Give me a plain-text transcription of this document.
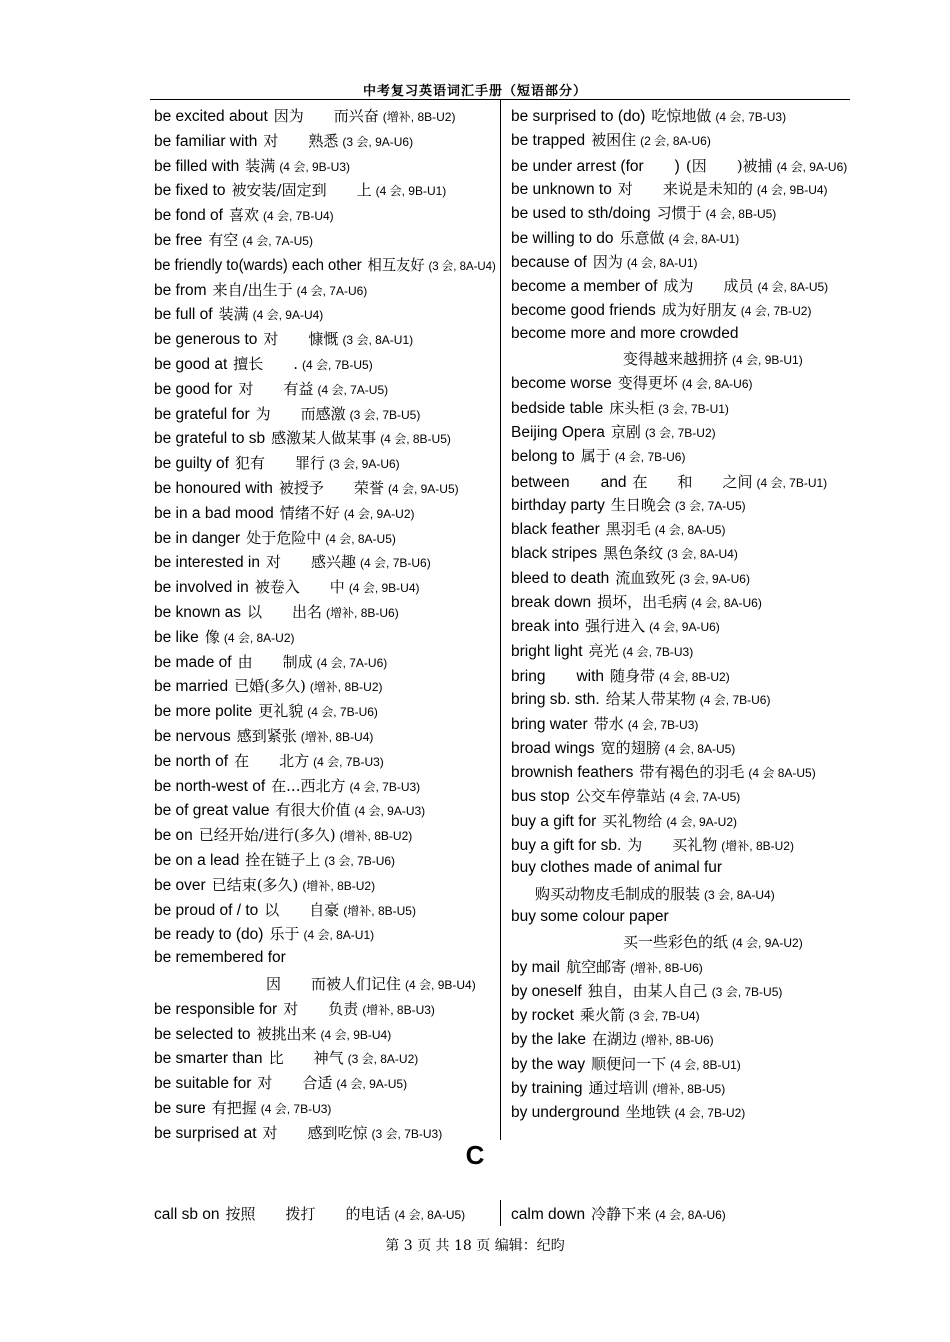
中考复习英语词汇手册（短语部分）
be excited about 因为　　而兴奋 (增补, 8B-U2)
be familiar with 对　　熟悉 (3 会, 9A-U6)
be filled with 装满 (4 会, 9B-U3)
be fixed to 被安装/固定到　　上 (4 会, 9B-U1)
be fond of 喜欢 (4 会, 7B-U4)
be free 有空 (4 会, 7A-U5)
be friendly to(wards) each other 相互友好 (3 会, 8A-U4)
be from 来自/出生于 (4 会, 7A-U6)
be full of 装满 (4 会, 9A-U4)
be generous to 对　　慷慨 (3 会, 8A-U1)
be good at 擅长　　. (4 会, 7B-U5)
be good for 对　　有益 (4 会, 7A-U5)
be grateful for 为　　而感激 (3 会, 7B-U5)
be grateful to sb 感激某人做某事 (4 会, 8B-U5)
be guilty of 犯有　　罪行 (3 会, 9A-U6)
be honoured with 被授予　　荣誉 (4 会, 9A-U5)
be in a bad mood 情绪不好 (4 会, 9A-U2)
be in danger 处于危险中 (4 会, 8A-U5)
be interested in 对　　感兴趣 (4 会, 7B-U6)
be involved in 被卷入　　中 (4 会, 9B-U4)
be known as 以　　出名 (增补, 8B-U6)
be like 像 (4 会, 8A-U2)
be made of 由　　制成 (4 会, 7A-U6)
be married 已婚(多久) (增补, 8B-U2)
be more polite 更礼貌 (4 会, 7B-U6)
be nervous 感到紧张 (增补, 8B-U4)
be north of 在　　北方 (4 会, 7B-U3)
be north-west of 在...西北方 (4 会, 7B-U3)
be of great value 有很大价值 (4 会, 9A-U3)
be on 已经开始/进行(多久) (增补, 8B-U2)
be on a lead 拴在链子上 (3 会, 7B-U6)
be over 已结束(多久) (增补, 8B-U2)
be proud of / to 以　　自豪 (增补, 8B-U5)
be ready to (do) 乐于 (4 会, 8A-U1)
be remembered for
因　　而被人们记住 (4 会, 9B-U4)
be responsible for 对　　负责 (增补, 8B-U3)
be selected to 被挑出来 (4 会, 9B-U4)
be smarter than 比　　神气 (3 会, 8A-U2)
be suitable for 对　　合适 (4 会, 9A-U5)
be sure 有把握 (4 会, 7B-U3)
be surprised at 对　　感到吃惊 (3 会, 7B-U3)
be surprised to (do) 吃惊地做 (4 会, 7B-U3)
be trapped 被困住 (2 会, 8A-U6)
be under arrest (for　　) (因　　)被捕 (4 会, 9A-U6)
be unknown to 对　　来说是未知的 (4 会, 9B-U4)
be used to sth/doing 习惯于 (4 会, 8B-U5)
be willing to do 乐意做 (4 会, 8A-U1)
because of 因为 (4 会, 8A-U1)
become a member of 成为　　成员 (4 会, 8A-U5)
become good friends 成为好朋友 (4 会, 7B-U2)
become more and more crowded
变得越来越拥挤 (4 会, 9B-U1)
become worse 变得更坏 (4 会, 8A-U6)
bedside table 床头柜 (3 会, 7B-U1)
Beijing Opera 京剧 (3 会, 7B-U2)
belong to 属于 (4 会, 7B-U6)
between　　and 在　　和　　之间 (4 会, 7B-U1)
birthday party 生日晚会 (3 会, 7A-U5)
black feather 黑羽毛 (4 会, 8A-U5)
black stripes 黑色条纹 (3 会, 8A-U4)
bleed to death 流血致死 (3 会, 9A-U6)
break down 损坏，出毛病 (4 会, 8A-U6)
break into 强行进入 (4 会, 9A-U6)
bright light 亮光 (4 会, 7B-U3)
bring　　with 随身带 (4 会, 8B-U2)
bring sb. sth. 给某人带某物 (4 会, 7B-U6)
bring water 带水 (4 会, 7B-U3)
broad wings 宽的翅膀 (4 会, 8A-U5)
brownish feathers 带有褐色的羽毛 (4 会 8A-U5)
bus stop 公交车停靠站 (4 会, 7A-U5)
buy a gift for 买礼物给 (4 会, 9A-U2)
buy a gift for sb. 为　　买礼物 (增补, 8B-U2)
buy clothes made of animal fur
购买动物皮毛制成的服装 (3 会, 8A-U4)
buy some colour paper
买一些彩色的纸 (4 会, 9A-U2)
by mail 航空邮寄 (增补, 8B-U6)
by oneself 独自，由某人自己 (3 会, 7B-U5)
by rocket 乘火箭 (3 会, 7B-U4)
by the lake 在湖边 (增补, 8B-U6)
by the way 顺便问一下 (4 会, 8B-U1)
by training 通过培训 (增补, 8B-U5)
by underground 坐地铁 (4 会, 7B-U2)
C
call sb on 按照　　拨打　　的电话 (4 会, 8A-U5)	calm down 冷静下来 (4 会, 8A-U6)
第 3 页 共 18 页 编辑：纪昀
